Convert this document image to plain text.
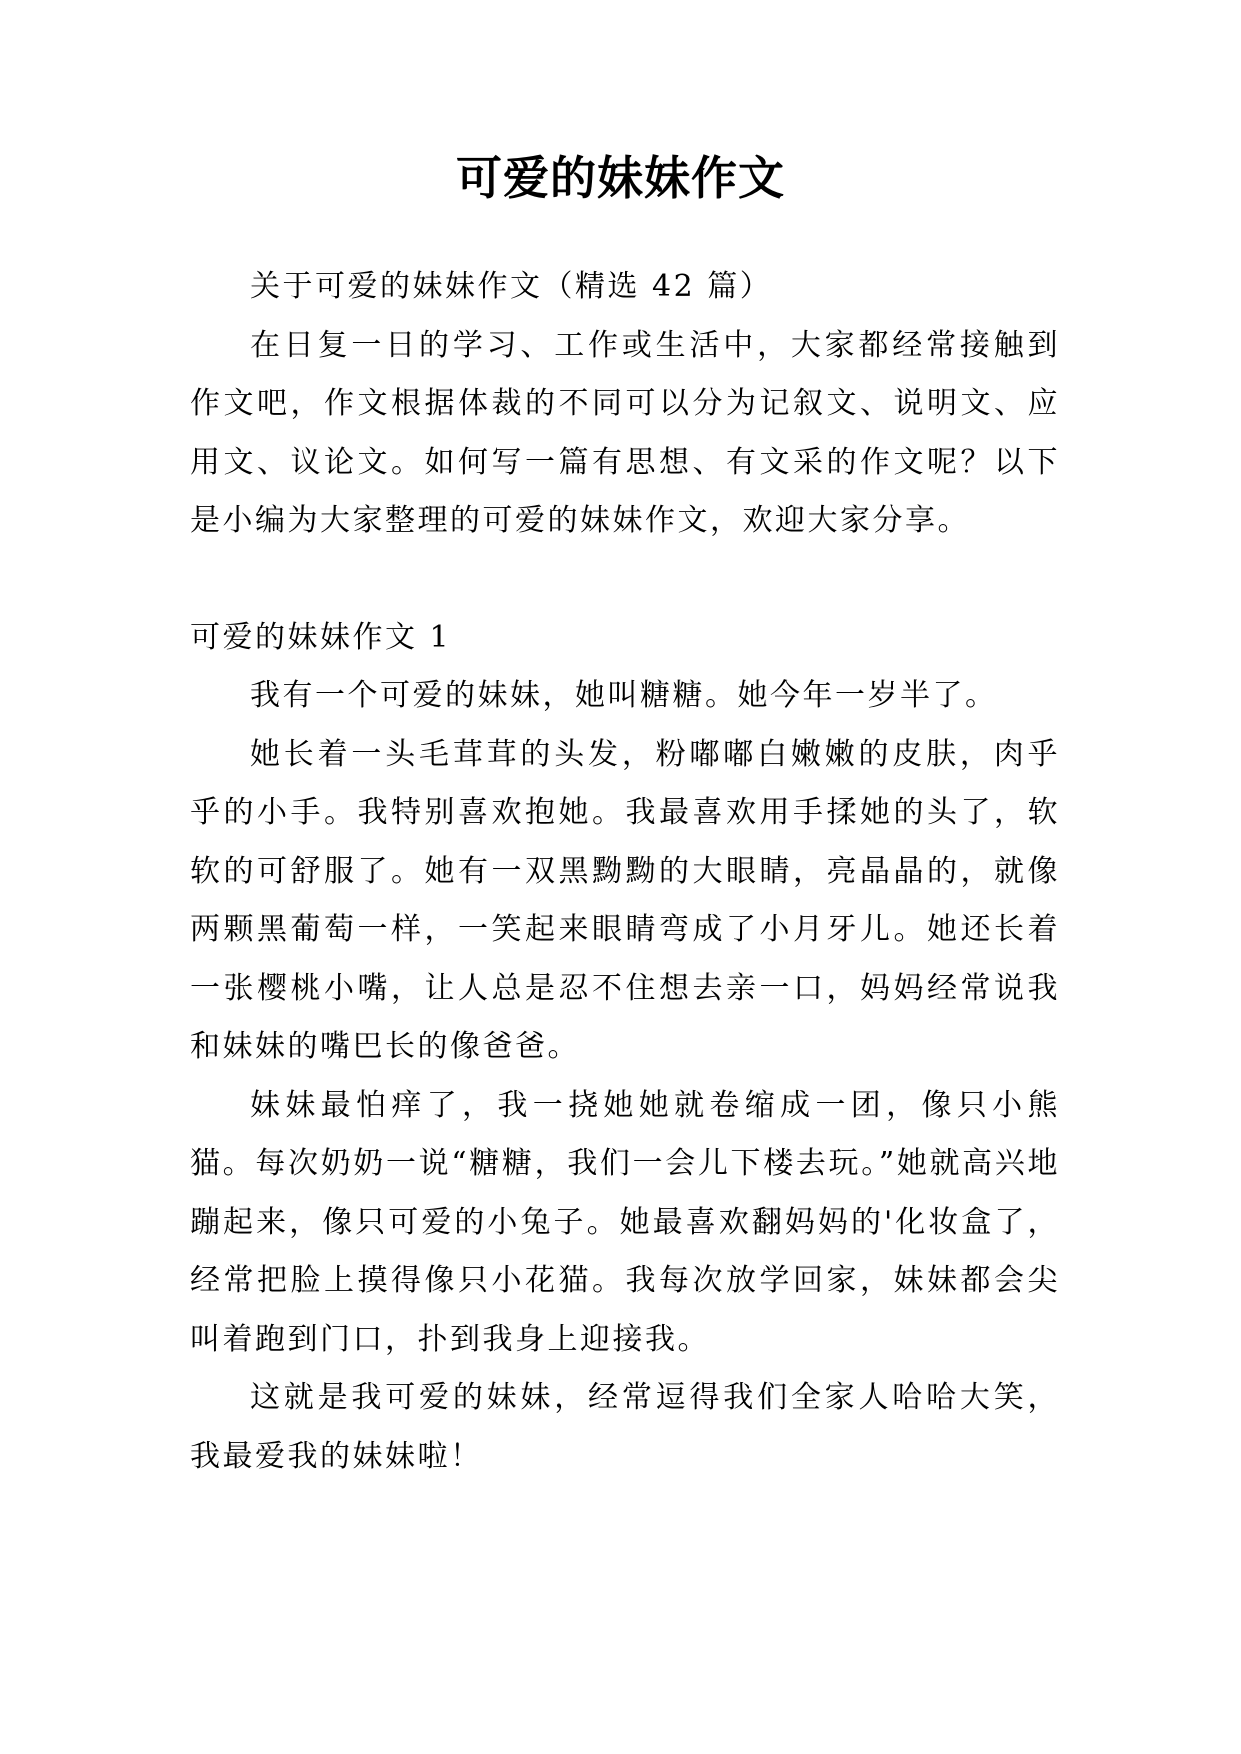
可爱的妹妹作文

关于可爱的妹妹作文（精选 42 篇）

在日复一日的学习、工作或生活中，大家都经常接触到作文吧，作文根据体裁的不同可以分为记叙文、说明文、应用文、议论文。如何写一篇有思想、有文采的作文呢？以下是小编为大家整理的可爱的妹妹作文，欢迎大家分享。

可爱的妹妹作文 1

我有一个可爱的妹妹，她叫糖糖。她今年一岁半了。

她长着一头毛茸茸的头发，粉嘟嘟白嫩嫩的皮肤，肉乎乎的小手。我特别喜欢抱她。我最喜欢用手揉她的头了，软软的可舒服了。她有一双黑黝黝的大眼睛，亮晶晶的，就像两颗黑葡萄一样，一笑起来眼睛弯成了小月牙儿。她还长着一张樱桃小嘴，让人总是忍不住想去亲一口，妈妈经常说我和妹妹的嘴巴长的像爸爸。

妹妹最怕痒了，我一挠她她就卷缩成一团，像只小熊猫。每次奶奶一说“糖糖，我们一会儿下楼去玩。”她就高兴地蹦起来，像只可爱的小兔子。她最喜欢翻妈妈的'化妆盒了，经常把脸上摸得像只小花猫。我每次放学回家，妹妹都会尖叫着跑到门口，扑到我身上迎接我。

这就是我可爱的妹妹，经常逗得我们全家人哈哈大笑，我最爱我的妹妹啦！
